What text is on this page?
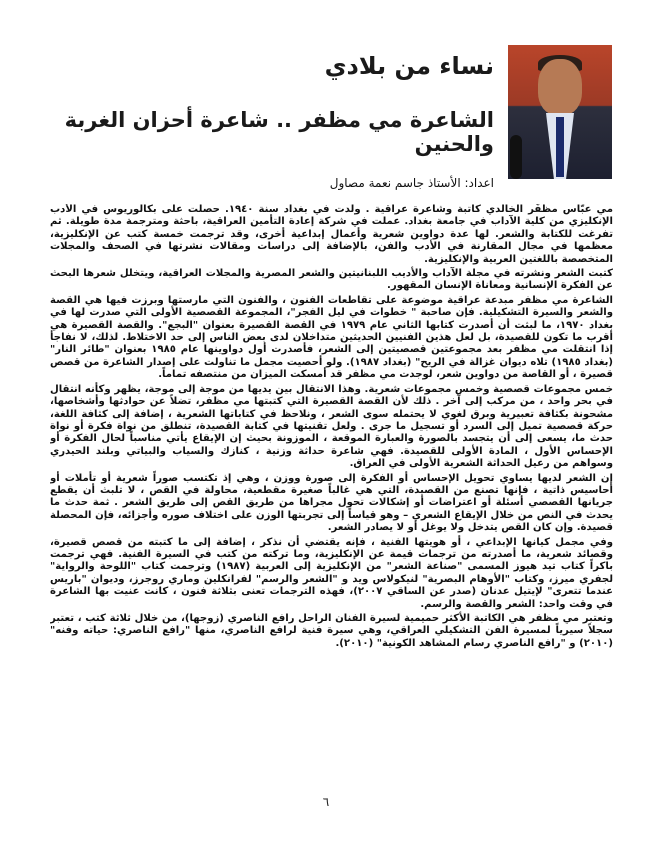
نساء من بلادي
الشاعرة مي مظفر .. شاعرة أحزان الغربة والحنين

اعداد: الأستاذ جاسم نعمة مصاول

مي عبّاس مظفّر الخالدي كاتبة وشاعرة عراقية . ولدت في بغداد سنة ١٩٤٠. حصلت على بكالوريوس في الأدب الإنكليزي من كلية الآداب في جامعة بغداد. عملت في شركة إعادة التأمين العراقية، باحثة ومترجمة مدة طويلة. ثم تفرغت للكتابة والشعر. لها عدة دواوين شعرية وأعمال إبداعية أخرى، وقد ترجمت خمسة كتب عن الإنكليزية، معظمها في مجال المقارنة في الأدب والفن، بالإضافة إلى دراسات ومقالات نشرتها في الصحف والمجلات المتخصصة باللغتين العربية والإنكليزية.

كتبت الشعر ونشرته في مجلة الآداب والأديب اللبنانيتين والشعر المصرية والمجلات العراقية، ويتخلل شعرها البحث عن الفكرة الإنسانية ومعاناة الإنسان المقهور.

الشاعرة مي مظفر مبدعة عراقية موضوعة على تقاطعات الفنون ، والفنون التي مارستها وبرزت فيها هي القصة والشعر والسيرة التشكيلية. فإن صاحبة " خطوات في ليل الفجر"، المجموعة القصصية الأولى التي صدرت لها في بغداد ١٩٧٠، ما لبثت أن أصدرت كتابها الثاني عام ١٩٧٩ في القصة القصيرة بعنوان "البجع". والقصة القصيرة هي أقرب ما تكون للقصيدة، بل لعل هذين الفنيين الحديثين متداخلان لدى بعض الناس إلى حد الاختلاط. لذلك، لا نفاجأ إذا انتقلت مي مظفر بعد مجموعتين قصصيتين إلى الشعر، فأصدرت أول دواوينها عام ١٩٨٥ بعنوان "طائر النار" (بغداد ١٩٨٥) تلاه ديوان غزالة في الريح" (بغداد ١٩٨٧). ولو أحصيت مجمل ما تناولت على إصدار الشاعرة من قصص قصيرة ، أو القاصة من دواوين شعر، لوجدت مي مظفر قد أمسكت الميزان من منتصفه تماماً.

خمس مجموعات قصصية وخمس مجموعات شعرية. وهذا الانتقال بين يديها من موجة إلى موجة، يظهر وكأنه انتقال في بحر واحد ، من مركب إلى آخر . ذلك لأن القصة القصيرة التي كتبتها مي مظفر، تضلاً عن حوادثها وأشخاصها، مشحونة بكثافة تعبيرية وبرق لغوي لا يحتمله سوى الشعر ، ونلاحظ في كتاباتها الشعرية ، إضافة إلى كثافة اللغة، حركة قصصية تميل إلى السرد أو تسجيل ما جرى . ولعل تقنيتها في كتابة القصيدة، تنطلق من نواة فكرة أو نواة حدث ما، يسعى إلى أن يتجسد بالصورة والعبارة الموقعة ، الموزونة بحيث إن الإيقاع يأتي مناسباً لحال الفكرة أو الإحساس الأول ، المادة الأولى للقصيدة. فهي شاعرة حداثة وزنية ، كنازك والسياب والبياتي وبلند الحيدري وسواهم من رعيل الحداثة الشعرية الأولى في العراق.

إن الشعر لديها يساوي تحويل الإحساس أو الفكرة إلى صورة ووزن ، وهي إذ تكتسب صوراً شعرية أو تأملات أو أحاسيس ذاتية ، فإنها تصنع من القصيدة، التي هي غالباً صغيرة مقطعية، محاولة في القص ، لا تلبث أن يقطع جريانها القصصي أسئلة أو اعتراضات أو إشكالات تحول مجراها من طريق القص إلى طريق الشعر . ثمة حدث ما يحدث في النص من خلال الإيقاع الشعري – وهو قياساً إلى تجربتها الوزن على اختلاف صوره وأجزائه، فإن المحصلة قصيدة. وإن كان القص يتدخل ولا يوغل أو لا يصادر الشعر.

وفي مجمل كيانها الإبداعي ، أو هويتها الفنية ، فإنه يقتضي أن نذكر ، إضافة إلى ما كتبته من قصص قصيرة، وقصائد شعرية، ما أصدرته من ترجمات قيمة عن الإنكليزية، وما تركته من كتب في السيرة الفنية. فهي ترجمت باكراً كتاب تيد هيوز المسمى "صناعة الشعر" من الإنكليزية إلى العربية (١٩٨٧) وترجمت كتاب "اللوحة والرواية" لجفري ميرز، وكتاب "الأوهام البصرية" لنيكولاس ويد و "الشعر والرسم" لفرانكلين وماري روجرز، وديوان "باريس عندما تتعرى" لإيتيل عدنان (صدر عن الساقي ٢٠٠٧)، فهذه الترجمات تعنى بثلاثة فنون ، كانت عنيت بها الشاعرة في وقت واحد: الشعر والقصة والرسم.

وتعتبر مي مظفر هي الكاتبة الأكثر حميمية لسيرة الفنان الراحل رافع الناصري (زوجها)، من خلال ثلاثة كتب ، تعتبر سجلاً سيرياً لمسيرة الفن التشكيلي العراقي، وهي سيرة فنية لرافع الناصري، منها "رافع الناصري: حياته وفنه" (٢٠١٠) و "رافع الناصري رسام المشاهد الكونية" (٢٠١٠).

٦
